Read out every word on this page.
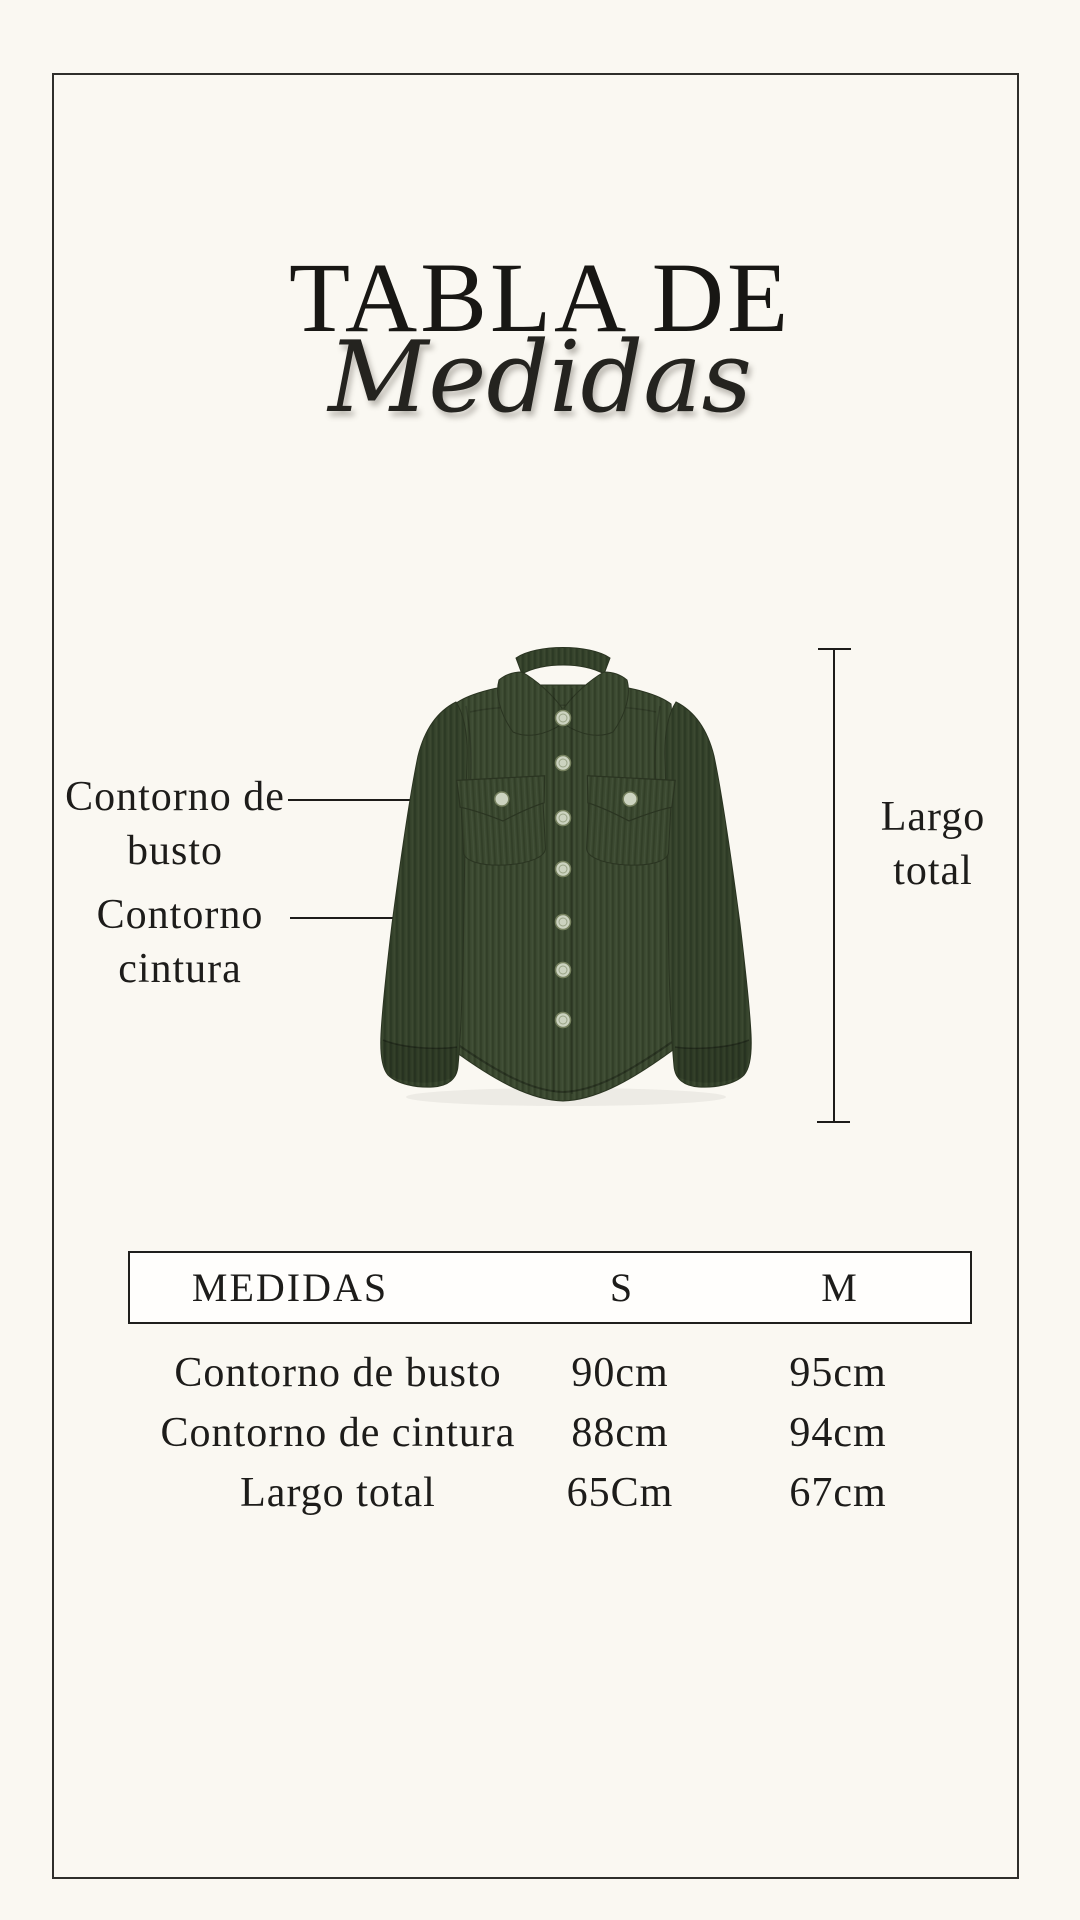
TABLA DE
Medidas
Contorno de
busto
Contorno
cintura
Largo
total
MEDIDAS	S	M
Contorno de busto	90cm	95cm
Contorno de cintura	88cm	94cm
Largo total	65Cm	67cm
